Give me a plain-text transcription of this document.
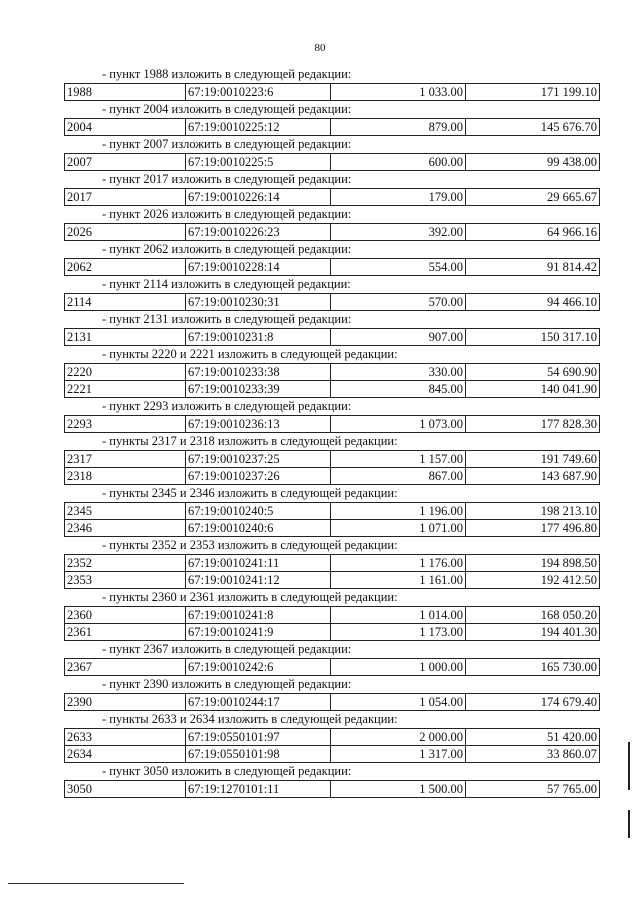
80
- пункт 1988 изложить в следующей редакции:
1988	67:19:0010223:6	1 033.00	171 199.10
- пункт 2004 изложить в следующей редакции:
2004	67:19:0010225:12	879.00	145 676.70
- пункт 2007 изложить в следующей редакции:
2007	67:19:0010225:5	600.00	99 438.00
- пункт 2017 изложить в следующей редакции:
2017	67:19:0010226:14	179.00	29 665.67
- пункт 2026 изложить в следующей редакции:
2026	67:19:0010226:23	392.00	64 966.16
- пункт 2062 изложить в следующей редакции:
2062	67:19:0010228:14	554.00	91 814.42
- пункт 2114 изложить в следующей редакции:
2114	67:19:0010230:31	570.00	94 466.10
- пункт 2131 изложить в следующей редакции:
2131	67:19:0010231:8	907.00	150 317.10
- пункты 2220 и 2221 изложить в следующей редакции:
2220	67:19:0010233:38	330.00	54 690.90
2221	67:19:0010233:39	845.00	140 041.90
- пункт 2293 изложить в следующей редакции:
2293	67:19:0010236:13	1 073.00	177 828.30
- пункты 2317 и 2318 изложить в следующей редакции:
2317	67:19:0010237:25	1 157.00	191 749.60
2318	67:19:0010237:26	867.00	143 687.90
- пункты 2345 и 2346 изложить в следующей редакции:
2345	67:19:0010240:5	1 196.00	198 213.10
2346	67:19:0010240:6	1 071.00	177 496.80
- пункты 2352 и 2353 изложить в следующей редакции:
2352	67:19:0010241:11	1 176.00	194 898.50
2353	67:19:0010241:12	1 161.00	192 412.50
- пункты 2360 и 2361 изложить в следующей редакции:
2360	67:19:0010241:8	1 014.00	168 050.20
2361	67:19:0010241:9	1 173.00	194 401.30
- пункт 2367 изложить в следующей редакции:
2367	67:19:0010242:6	1 000.00	165 730.00
- пункт 2390 изложить в следующей редакции:
2390	67:19:0010244:17	1 054.00	174 679.40
- пункты 2633 и 2634 изложить в следующей редакции:
2633	67:19:0550101:97	2 000.00	51 420.00
2634	67:19:0550101:98	1 317.00	33 860.07
- пункт 3050 изложить в следующей редакции:
3050	67:19:1270101:11	1 500.00	57 765.00
